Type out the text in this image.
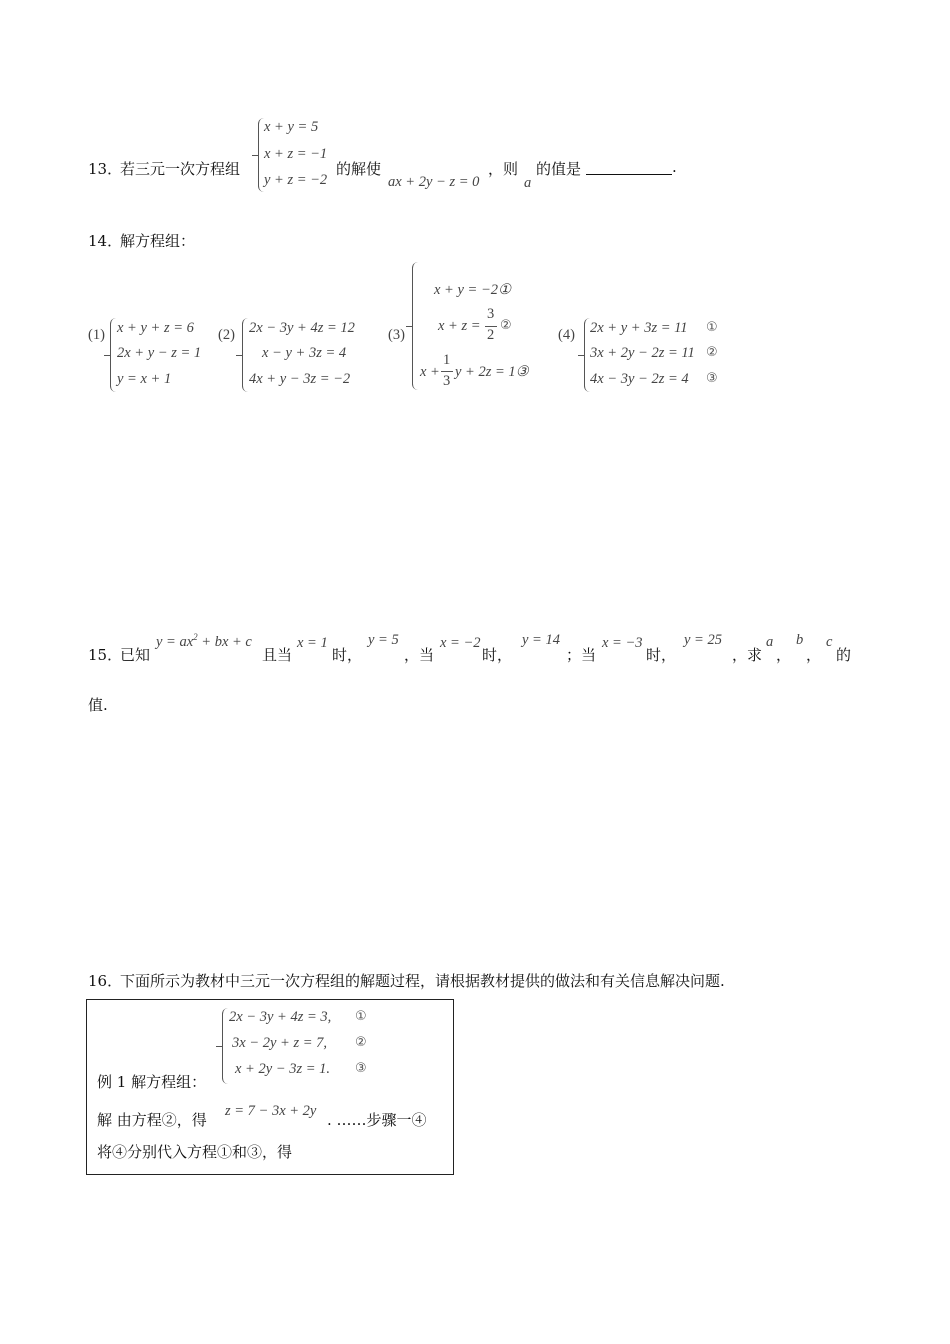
13．
若三元一次方程组
x + y = 5
x + z = −1
y + z = −2
的解使
ax + 2y − z = 0
，则
a
的值是	.
14．
解方程组：
(1) x + y + z = 6
2x + y − z = 1
y = x + 1
(2) 2x − 3y + 4z = 12
x − y + 3z = 4
4x + y − 3z = −2
(3)
x + y = −2①
x + z =
3
2
②
x +
1
3
y + 2z = 1③
(4) 2x + y + 3z = 11
3x + 2y − 2z = 11
4x − 3y − 2z = 4
①
②
③
15．
已知
$y = ax^2$ + bx + c
且当
x = 1
时，
y = 5
，当
x = −2
时，
y = 14
；当
x = −3
时，
y = 25
，求
a
，
b
，
c
的
值.
16．
下面所示为教材中三元一次方程组的解题过程，请根据教材提供的做法和有关信息解决问题.
2x − 3y + 4z = 3,
3x − 2y + z = 7,
x + 2y − 3z = 1.
①
②
③
例 1 解方程组：
解 由方程②，得 z = 7 − 3x + 2y . ……步骤一④
将④分别代入方程①和③，得
